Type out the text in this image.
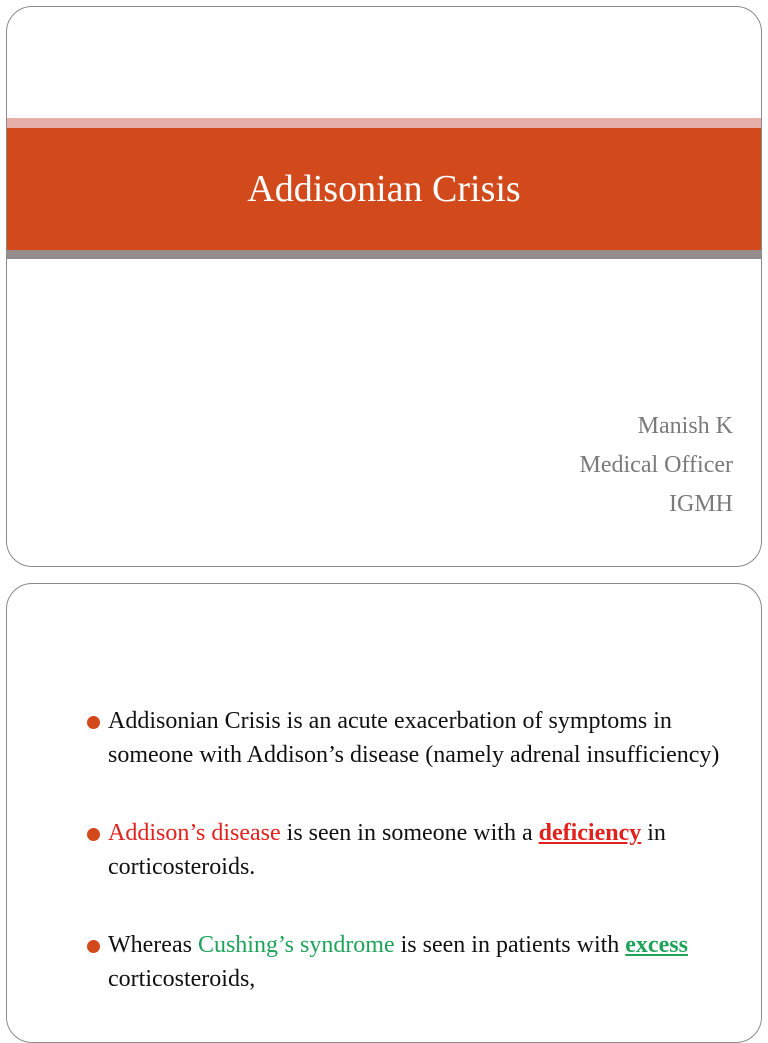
Addisonian Crisis
Manish K
Medical Officer
IGMH
Addisonian Crisis is an acute exacerbation of symptoms in someone with Addison’s disease (namely adrenal insufficiency)
Addison’s disease is seen in someone with a deficiency in corticosteroids.
Whereas Cushing’s syndrome is seen in patients with excess corticosteroids,
